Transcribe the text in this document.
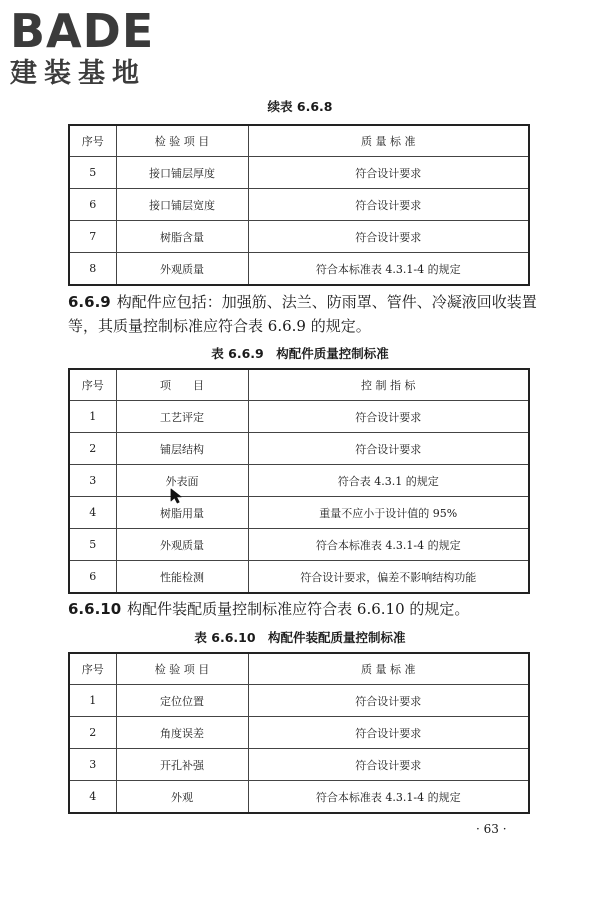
BADE
建装基地
续表 6.6.8
序号	检 验 项 目	质 量 标 准
5	接口铺层厚度	符合设计要求
6	接口铺层宽度	符合设计要求
7	树脂含量	符合设计要求
8	外观质量	符合本标准表 4.3.1-4 的规定
6.6.9 构配件应包括：加强筋、法兰、防雨罩、管件、冷凝液回收装置等，其质量控制标准应符合表 6.6.9 的规定。
表 6.6.9　构配件质量控制标准
序号	项　　目	控 制 指 标
1	工艺评定	符合设计要求
2	铺层结构	符合设计要求
3	外表面	符合表 4.3.1 的规定
4	树脂用量	重量不应小于设计值的 95%
5	外观质量	符合本标准表 4.3.1-4 的规定
6	性能检测	符合设计要求，偏差不影响结构功能
6.6.10 构配件装配质量控制标准应符合表 6.6.10 的规定。
表 6.6.10　构配件装配质量控制标准
序号	检 验 项 目	质 量 标 准
1	定位位置	符合设计要求
2	角度误差	符合设计要求
3	开孔补强	符合设计要求
4	外观	符合本标准表 4.3.1-4 的规定
· 63 ·
